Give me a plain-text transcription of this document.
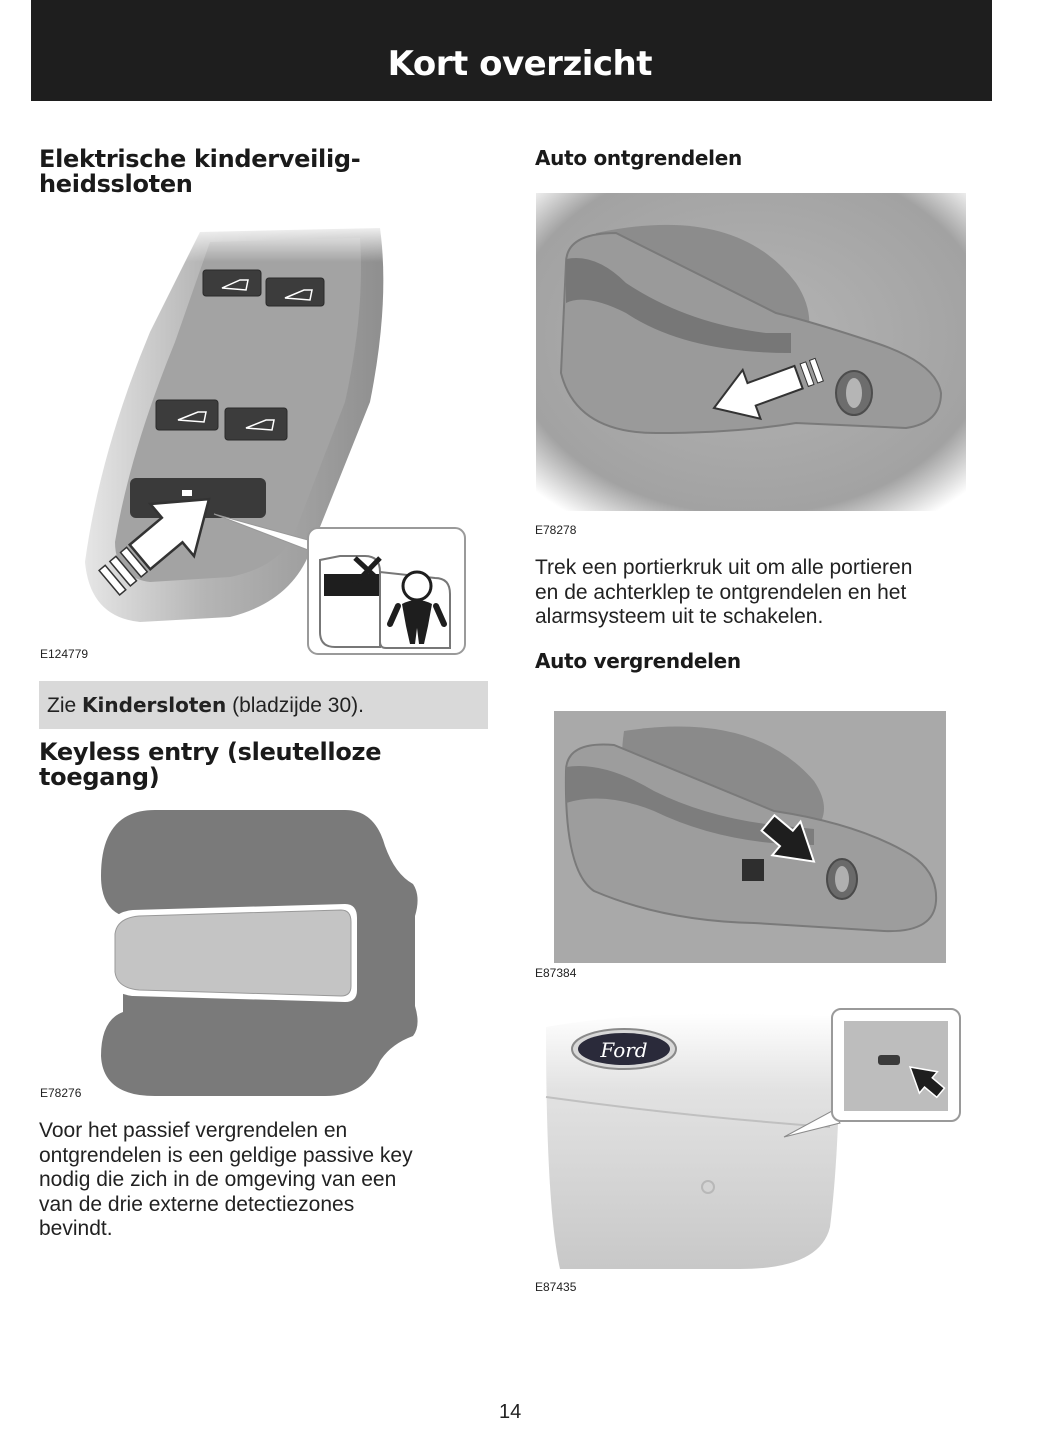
Kort overzicht
Elektrische kinderveilig-
heidssloten
E124779
Zie Kindersloten (bladzijde 30).
Keyless entry (sleutelloze
toegang)
E78276
Voor het passief vergrendelen en
ontgrendelen is een geldige passive key
nodig die zich in de omgeving van een
van de drie externe detectiezones
bevindt.
Auto ontgrendelen
E78278
Trek een portierkruk uit om alle portieren
en de achterklep te ontgrendelen en het
alarmsysteem uit te schakelen.
Auto vergrendelen
E87384
Ford
E87435
14
